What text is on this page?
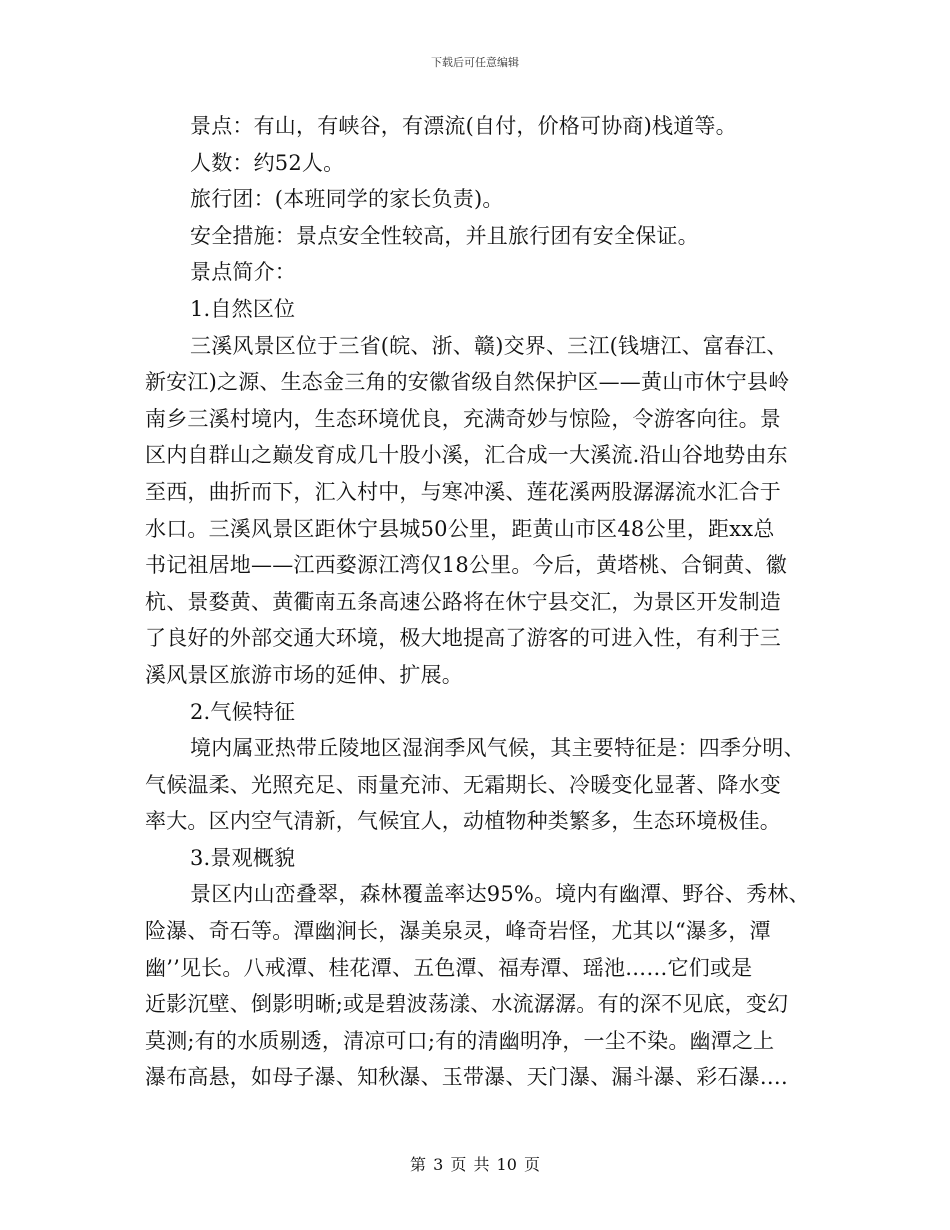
下载后可任意编辑
景点：有山，有峡谷，有漂流(自付，价格可协商)栈道等。
人数：约52人。
旅行团：(本班同学的家长负责)。
安全措施：景点安全性较高，并且旅行团有安全保证。
景点简介：
1.自然区位
三溪风景区位于三省(皖、浙、赣)交界、三江(钱塘江、富春江、
新安江)之源、生态金三角的安徽省级自然保护区——黄山市休宁县岭
南乡三溪村境内，生态环境优良，充满奇妙与惊险，令游客向往。景
区内自群山之巅发育成几十股小溪，汇合成一大溪流.沿山谷地势由东
至西，曲折而下，汇入村中，与寒冲溪、莲花溪两股潺潺流水汇合于
水口。三溪风景区距休宁县城50公里，距黄山市区48公里，距xx总
书记祖居地——江西婺源江湾仅18公里。今后，黄塔桃、合铜黄、徽
杭、景婺黄、黄衢南五条高速公路将在休宁县交汇，为景区开发制造
了良好的外部交通大环境，极大地提高了游客的可进入性，有利于三
溪风景区旅游市场的延伸、扩展。
2.气候特征
境内属亚热带丘陵地区湿润季风气候，其主要特征是：四季分明、
气候温柔、光照充足、雨量充沛、无霜期长、冷暖变化显著、降水变
率大。区内空气清新，气候宜人，动植物种类繁多，生态环境极佳。
3.景观概貌
景区内山峦叠翠，森林覆盖率达95%。境内有幽潭、野谷、秀林、
险瀑、奇石等。潭幽涧长，瀑美泉灵，峰奇岩怪，尤其以“瀑多，潭
幽’’见长。八戒潭、桂花潭、五色潭、福寿潭、瑶池……它们或是
近影沉壁、倒影明晰;或是碧波荡漾、水流潺潺。有的深不见底，变幻
莫测;有的水质剔透，清凉可口;有的清幽明净，一尘不染。幽潭之上
瀑布高悬，如母子瀑、知秋瀑、玉带瀑、天门瀑、漏斗瀑、彩石瀑….
第 3 页 共 10 页
